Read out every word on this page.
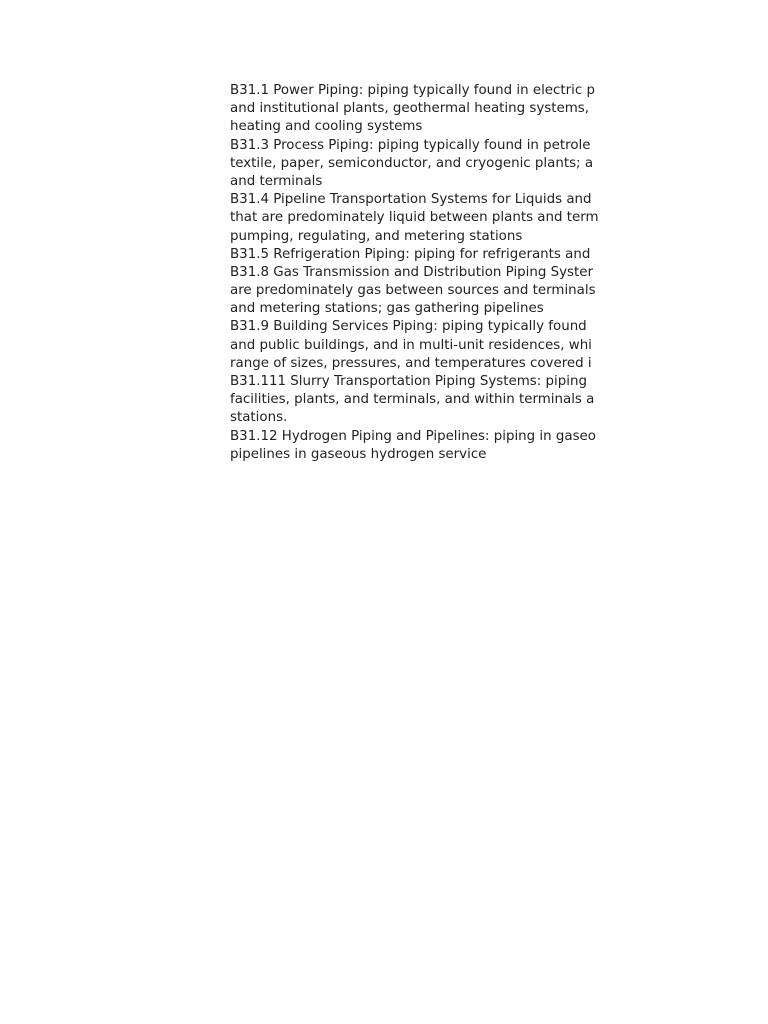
B31.1 Power Piping: piping typically found in electric p
and institutional plants, geothermal heating systems,
heating and cooling systems
B31.3 Process Piping: piping typically found in petrole
textile, paper, semiconductor, and cryogenic plants; a
and terminals
B31.4 Pipeline Transportation Systems for Liquids and
that are predominately liquid between plants and term
pumping, regulating, and metering stations
B31.5 Refrigeration Piping: piping for refrigerants and
B31.8 Gas Transmission and Distribution Piping Syster
are predominately gas between sources and terminals
and metering stations; gas gathering pipelines
B31.9 Building Services Piping: piping typically found
and public buildings, and in multi-unit residences, whi
range of sizes, pressures, and temperatures covered i
B31.111 Slurry Transportation Piping Systems: piping
facilities, plants, and terminals, and within terminals a
stations.
B31.12 Hydrogen Piping and Pipelines: piping in gaseo
pipelines in gaseous hydrogen service
